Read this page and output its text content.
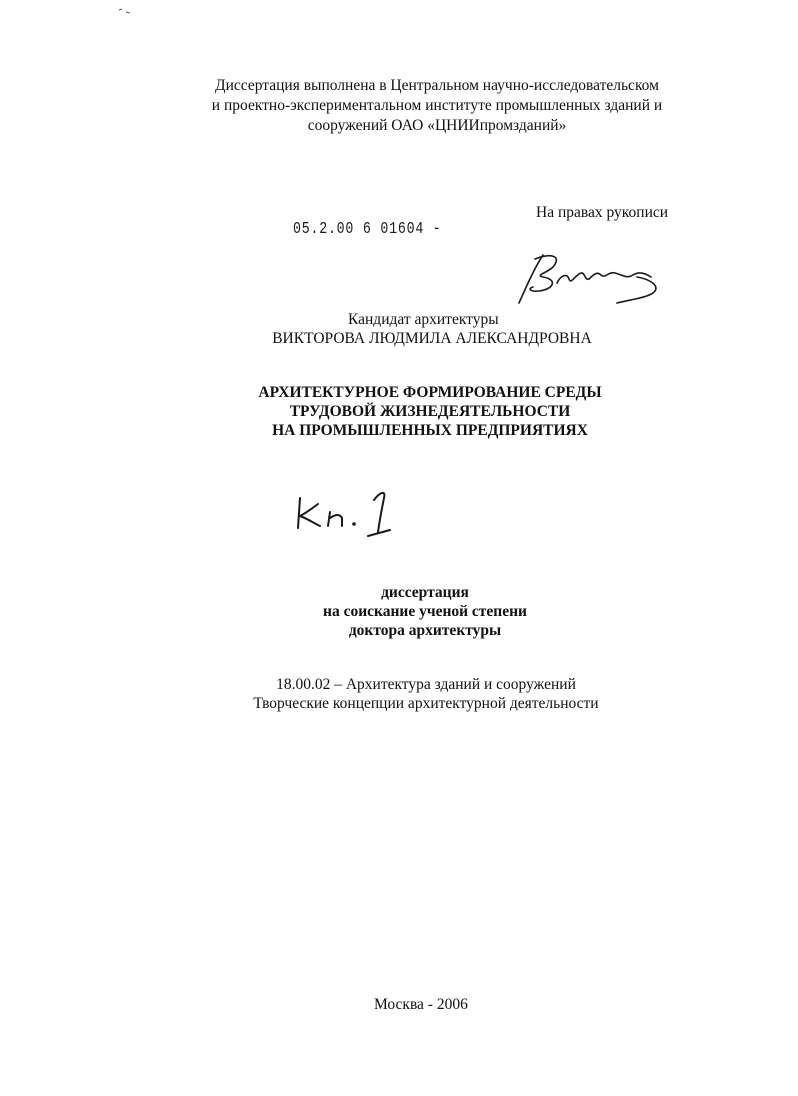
Диссертация выполнена в Центральном научно-исследовательском
и проектно-экспериментальном институте промышленных зданий и
сооружений ОАО «ЦНИИпромзданий»
На правах рукописи
05.2.00 6 01604 -
Кандидат архитектуры
ВИКТОРОВА ЛЮДМИЛА АЛЕКСАНДРОВНА
АРХИТЕКТУРНОЕ ФОРМИРОВАНИЕ СРЕДЫ
ТРУДОВОЙ ЖИЗНЕДЕЯТЕЛЬНОСТИ
НА ПРОМЫШЛЕННЫХ ПРЕДПРИЯТИЯХ
диссертация
на соискание ученой степени
доктора архитектуры
18.00.02 – Архитектура зданий и сооружений
Творческие концепции архитектурной деятельности
Москва - 2006
